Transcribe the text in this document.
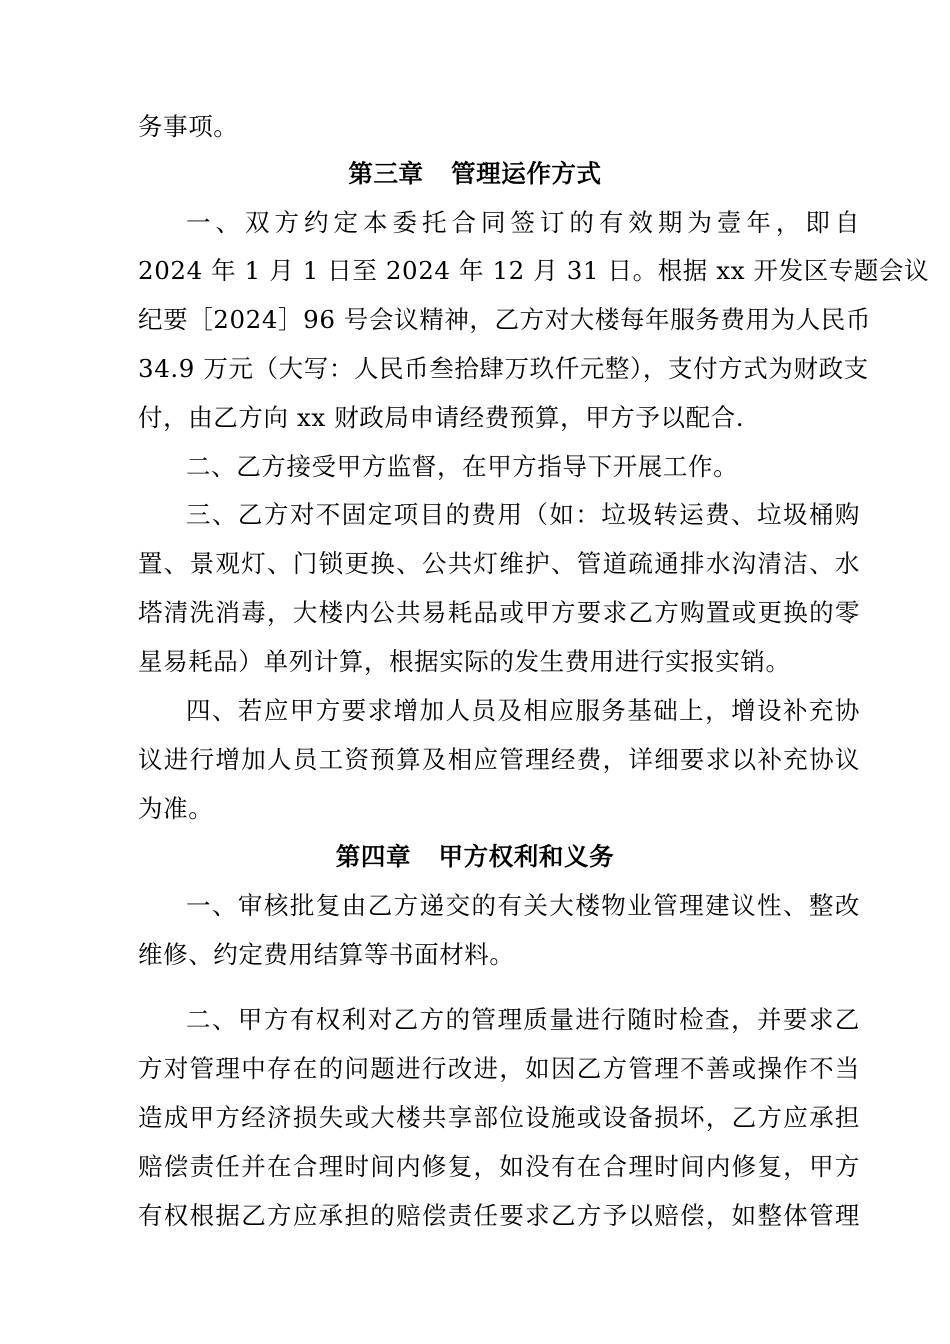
务事项。
第三章   管理运作方式
一、双方约定本委托合同签订的有效期为壹年，即自
2024 年 1 月 1 日至 2024 年 12 月 31 日。根据 xx 开发区专题会议
纪要［2024］96 号会议精神，乙方对大楼每年服务费用为人民币
34.9 万元（大写：人民币叁拾肆万玖仟元整），支付方式为财政支
付，由乙方向 xx 财政局申请经费预算，甲方予以配合.
二、乙方接受甲方监督，在甲方指导下开展工作。
三、乙方对不固定项目的费用（如：垃圾转运费、垃圾桶购
置、景观灯、门锁更换、公共灯维护、管道疏通排水沟清洁、水
塔清洗消毒，大楼内公共易耗品或甲方要求乙方购置或更换的零
星易耗品）单列计算，根据实际的发生费用进行实报实销。
四、若应甲方要求增加人员及相应服务基础上，增设补充协
议进行增加人员工资预算及相应管理经费，详细要求以补充协议
为准。
第四章   甲方权利和义务
一、审核批复由乙方递交的有关大楼物业管理建议性、整改
维修、约定费用结算等书面材料。
二、甲方有权利对乙方的管理质量进行随时检查，并要求乙
方对管理中存在的问题进行改进，如因乙方管理不善或操作不当
造成甲方经济损失或大楼共享部位设施或设备损坏，乙方应承担
赔偿责任并在合理时间内修复，如没有在合理时间内修复，甲方
有权根据乙方应承担的赔偿责任要求乙方予以赔偿，如整体管理
